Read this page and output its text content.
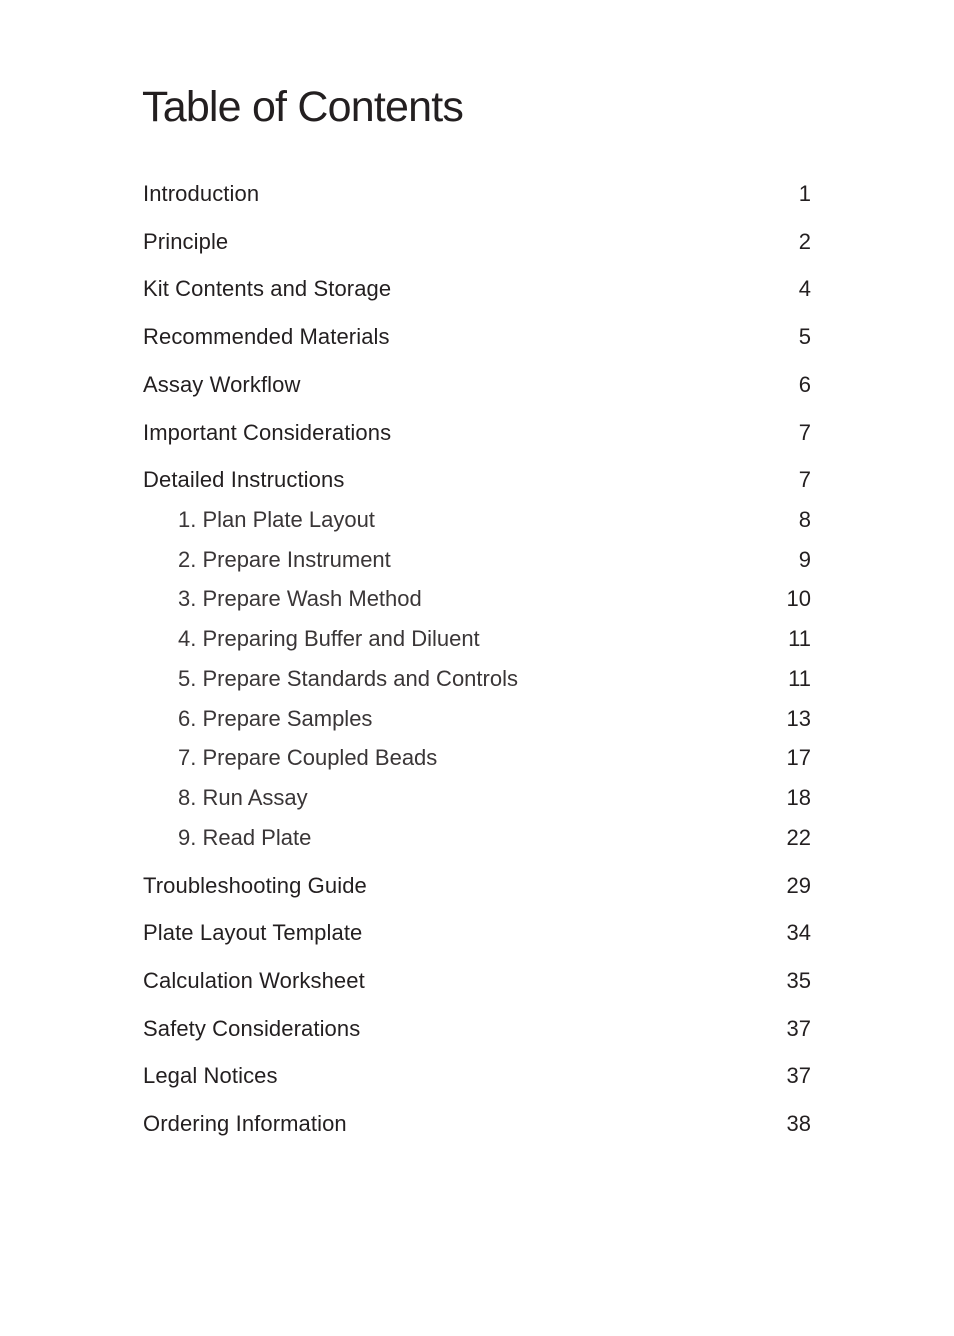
Table of Contents
Introduction	1
Principle	2
Kit Contents and Storage	4
Recommended Materials	5
Assay Workflow	6
Important Considerations	7
Detailed Instructions	7
1. Plan Plate Layout	8
2. Prepare Instrument	9
3. Prepare Wash Method	10
4. Preparing Buffer and Diluent	11
5. Prepare Standards and Controls	11
6. Prepare Samples	13
7. Prepare Coupled Beads	17
8. Run Assay	18
9. Read Plate	22
Troubleshooting Guide	29
Plate Layout Template	34
Calculation Worksheet	35
Safety Considerations	37
Legal Notices	37
Ordering Information	38
